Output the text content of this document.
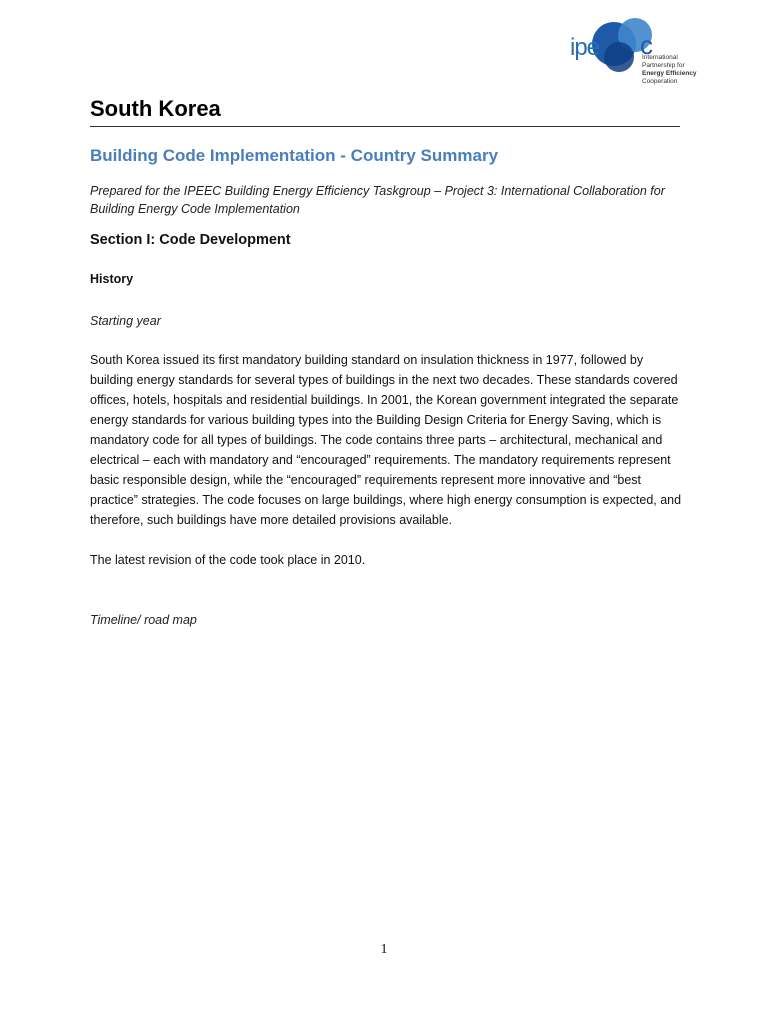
ipe c
International
Partnership for
Energy Efficiency
Cooperation
South Korea
Building Code Implementation - Country Summary

Prepared for the IPEEC Building Energy Efficiency Taskgroup – Project 3: International Collaboration for Building Energy Code Implementation

Section I: Code Development
History

Starting year

South Korea issued its first mandatory building standard on insulation thickness in 1977, followed by building energy standards for several types of buildings in the next two decades. These standards covered offices, hotels, hospitals and residential buildings. In 2001, the Korean government integrated the separate energy standards for various building types into the Building Design Criteria for Energy Saving, which is mandatory code for all types of buildings. The code contains three parts – architectural, mechanical and electrical – each with mandatory and “encouraged” requirements. The mandatory requirements represent basic responsible design, while the “encouraged” requirements represent more innovative and “best practice” strategies. The code focuses on large buildings, where high energy consumption is expected, and therefore, such buildings have more detailed provisions available.

The latest revision of the code took place in 2010.

Timeline/ road map

1
